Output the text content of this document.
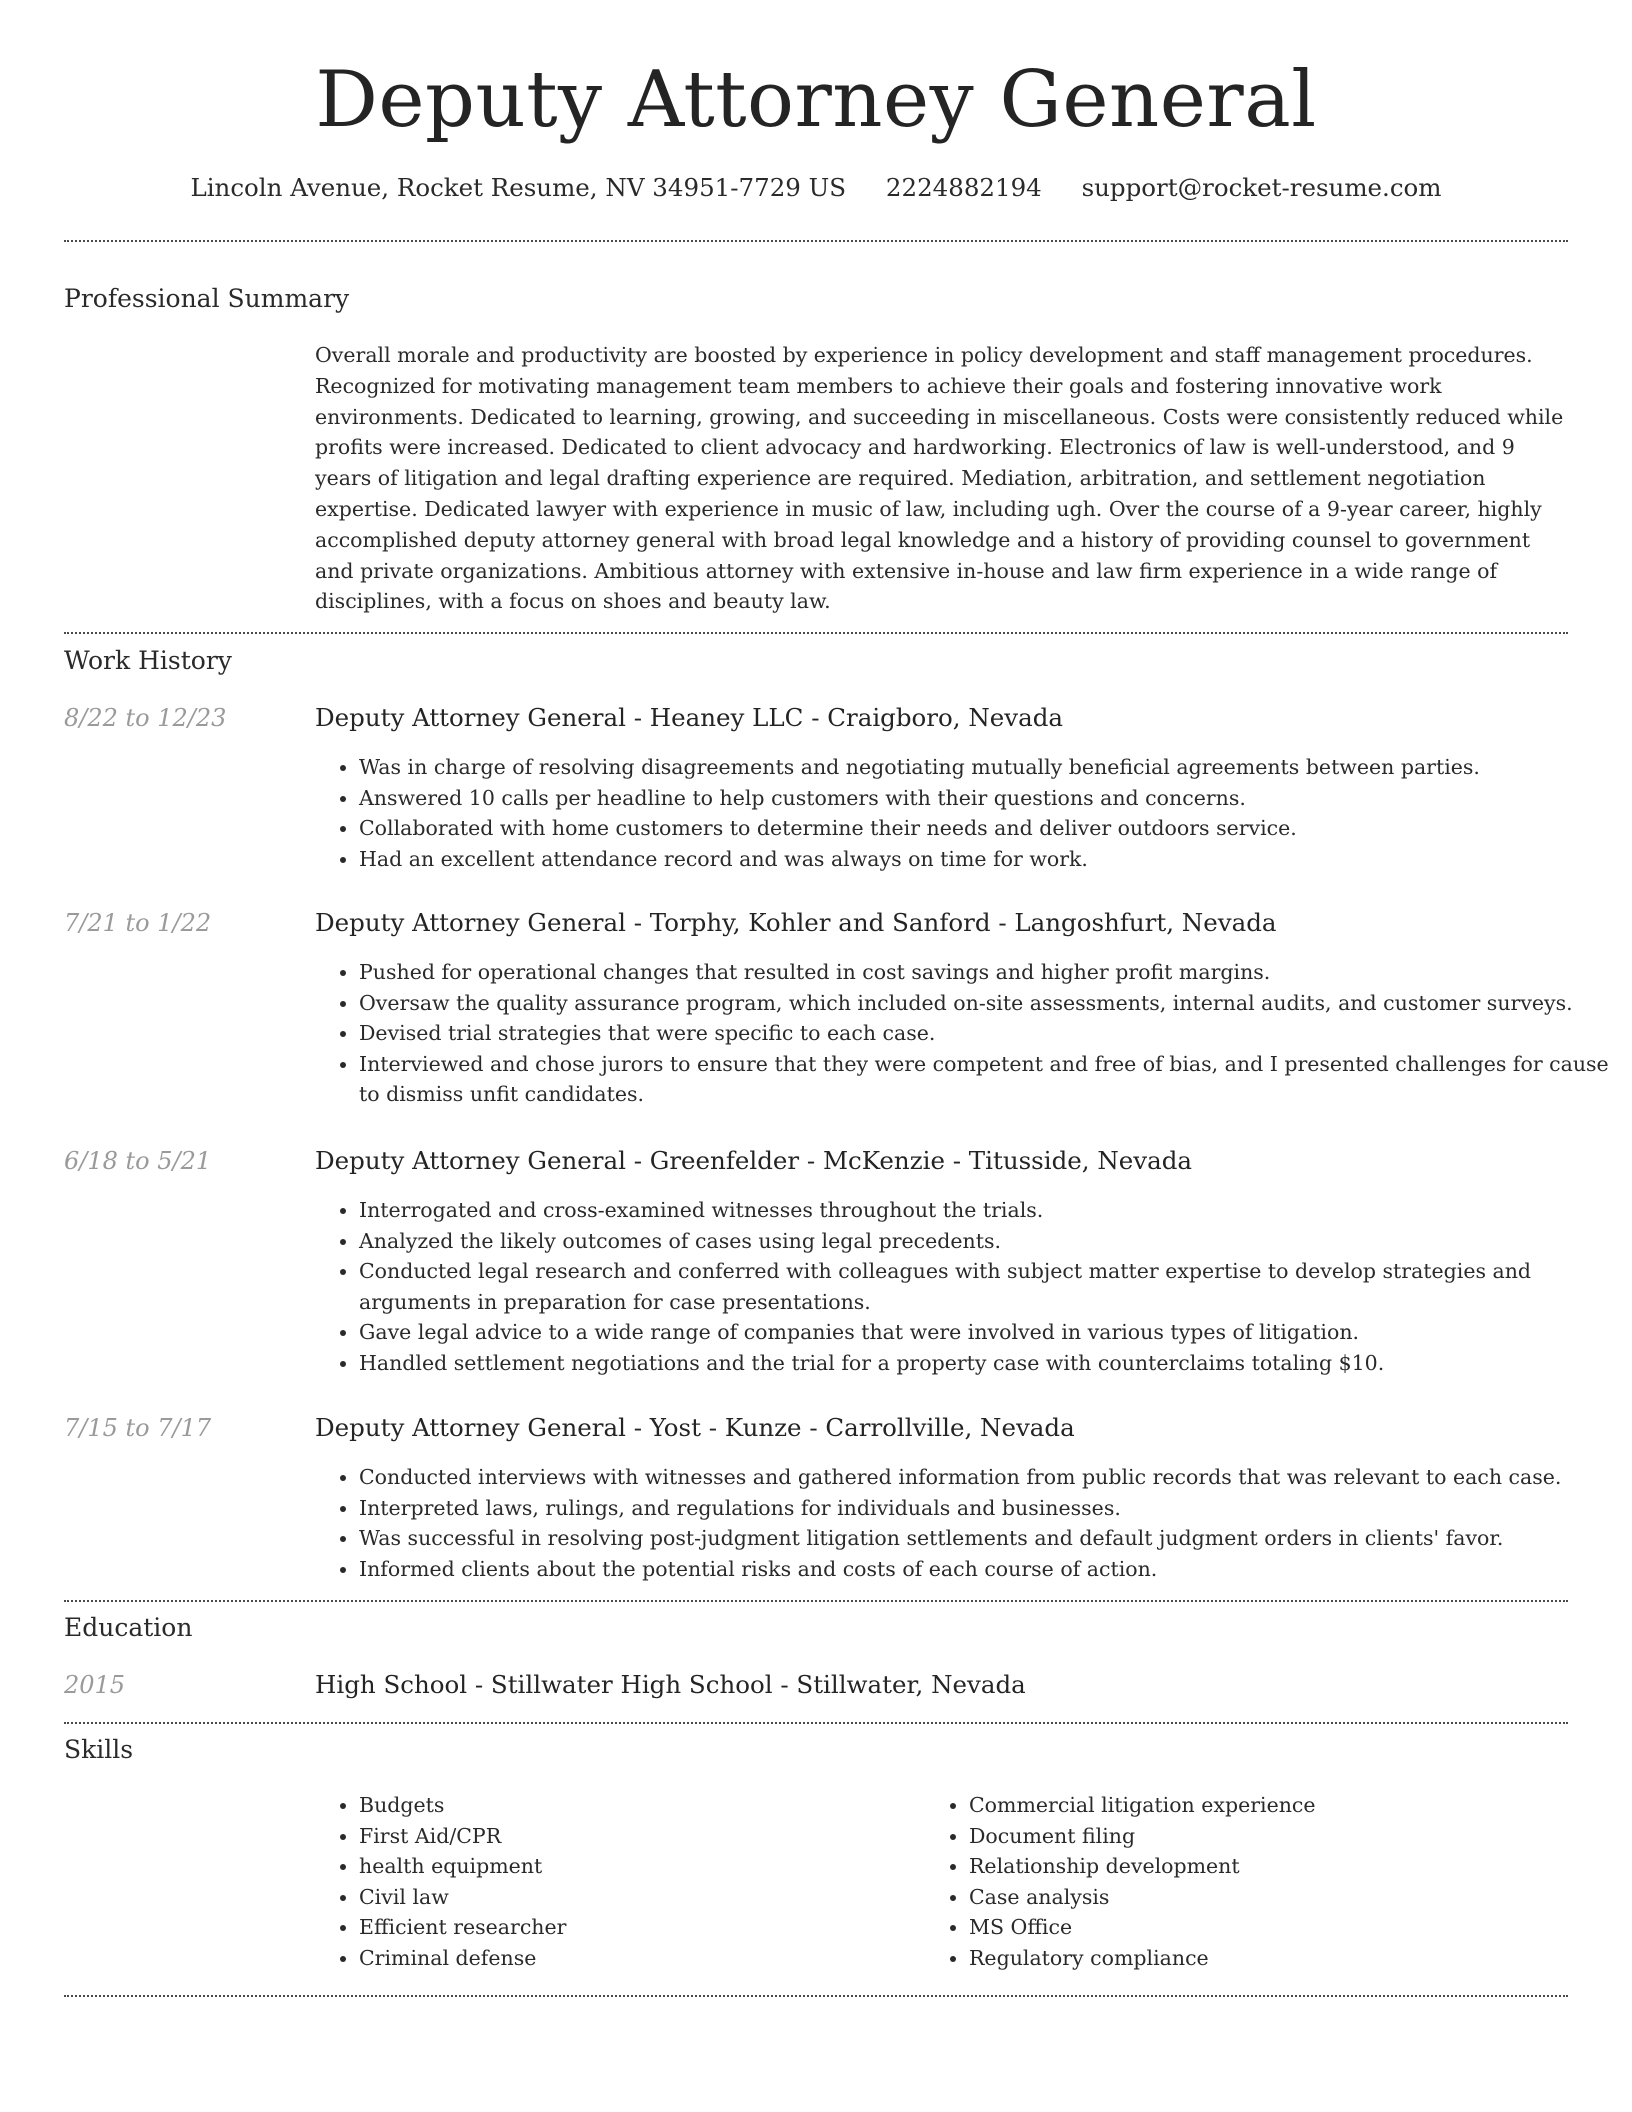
Deputy Attorney General
Lincoln Avenue, Rocket Resume, NV 34951-7729 US 2224882194 support@rocket-resume.com
Professional Summary
Overall morale and productivity are boosted by experience in policy development and staff management procedures. Recognized for motivating management team members to achieve their goals and fostering innovative work environments. Dedicated to learning, growing, and succeeding in miscellaneous. Costs were consistently reduced while profits were increased. Dedicated to client advocacy and hardworking. Electronics of law is well-understood, and 9 years of litigation and legal drafting experience are required. Mediation, arbitration, and settlement negotiation expertise. Dedicated lawyer with experience in music of law, including ugh. Over the course of a 9-year career, highly accomplished deputy attorney general with broad legal knowledge and a history of providing counsel to government and private organizations. Ambitious attorney with extensive in-house and law firm experience in a wide range of disciplines, with a focus on shoes and beauty law.
Work History
8/22 to 12/23	Deputy Attorney General - Heaney LLC - Craigboro, Nevada
• Was in charge of resolving disagreements and negotiating mutually beneficial agreements between parties.
• Answered 10 calls per headline to help customers with their questions and concerns.
• Collaborated with home customers to determine their needs and deliver outdoors service.
• Had an excellent attendance record and was always on time for work.
7/21 to 1/22	Deputy Attorney General - Torphy, Kohler and Sanford - Langoshfurt, Nevada
• Pushed for operational changes that resulted in cost savings and higher profit margins.
• Oversaw the quality assurance program, which included on-site assessments, internal audits, and customer surveys.
• Devised trial strategies that were specific to each case.
• Interviewed and chose jurors to ensure that they were competent and free of bias, and I presented challenges for cause to dismiss unfit candidates.
6/18 to 5/21	Deputy Attorney General - Greenfelder - McKenzie - Titusside, Nevada
• Interrogated and cross-examined witnesses throughout the trials.
• Analyzed the likely outcomes of cases using legal precedents.
• Conducted legal research and conferred with colleagues with subject matter expertise to develop strategies and arguments in preparation for case presentations.
• Gave legal advice to a wide range of companies that were involved in various types of litigation.
• Handled settlement negotiations and the trial for a property case with counterclaims totaling $10.
7/15 to 7/17	Deputy Attorney General - Yost - Kunze - Carrollville, Nevada
• Conducted interviews with witnesses and gathered information from public records that was relevant to each case.
• Interpreted laws, rulings, and regulations for individuals and businesses.
• Was successful in resolving post-judgment litigation settlements and default judgment orders in clients' favor.
• Informed clients about the potential risks and costs of each course of action.
Education
2015	High School - Stillwater High School - Stillwater, Nevada
Skills
• Budgets
• First Aid/CPR
• health equipment
• Civil law
• Efficient researcher
• Criminal defense
• Commercial litigation experience
• Document filing
• Relationship development
• Case analysis
• MS Office
• Regulatory compliance
